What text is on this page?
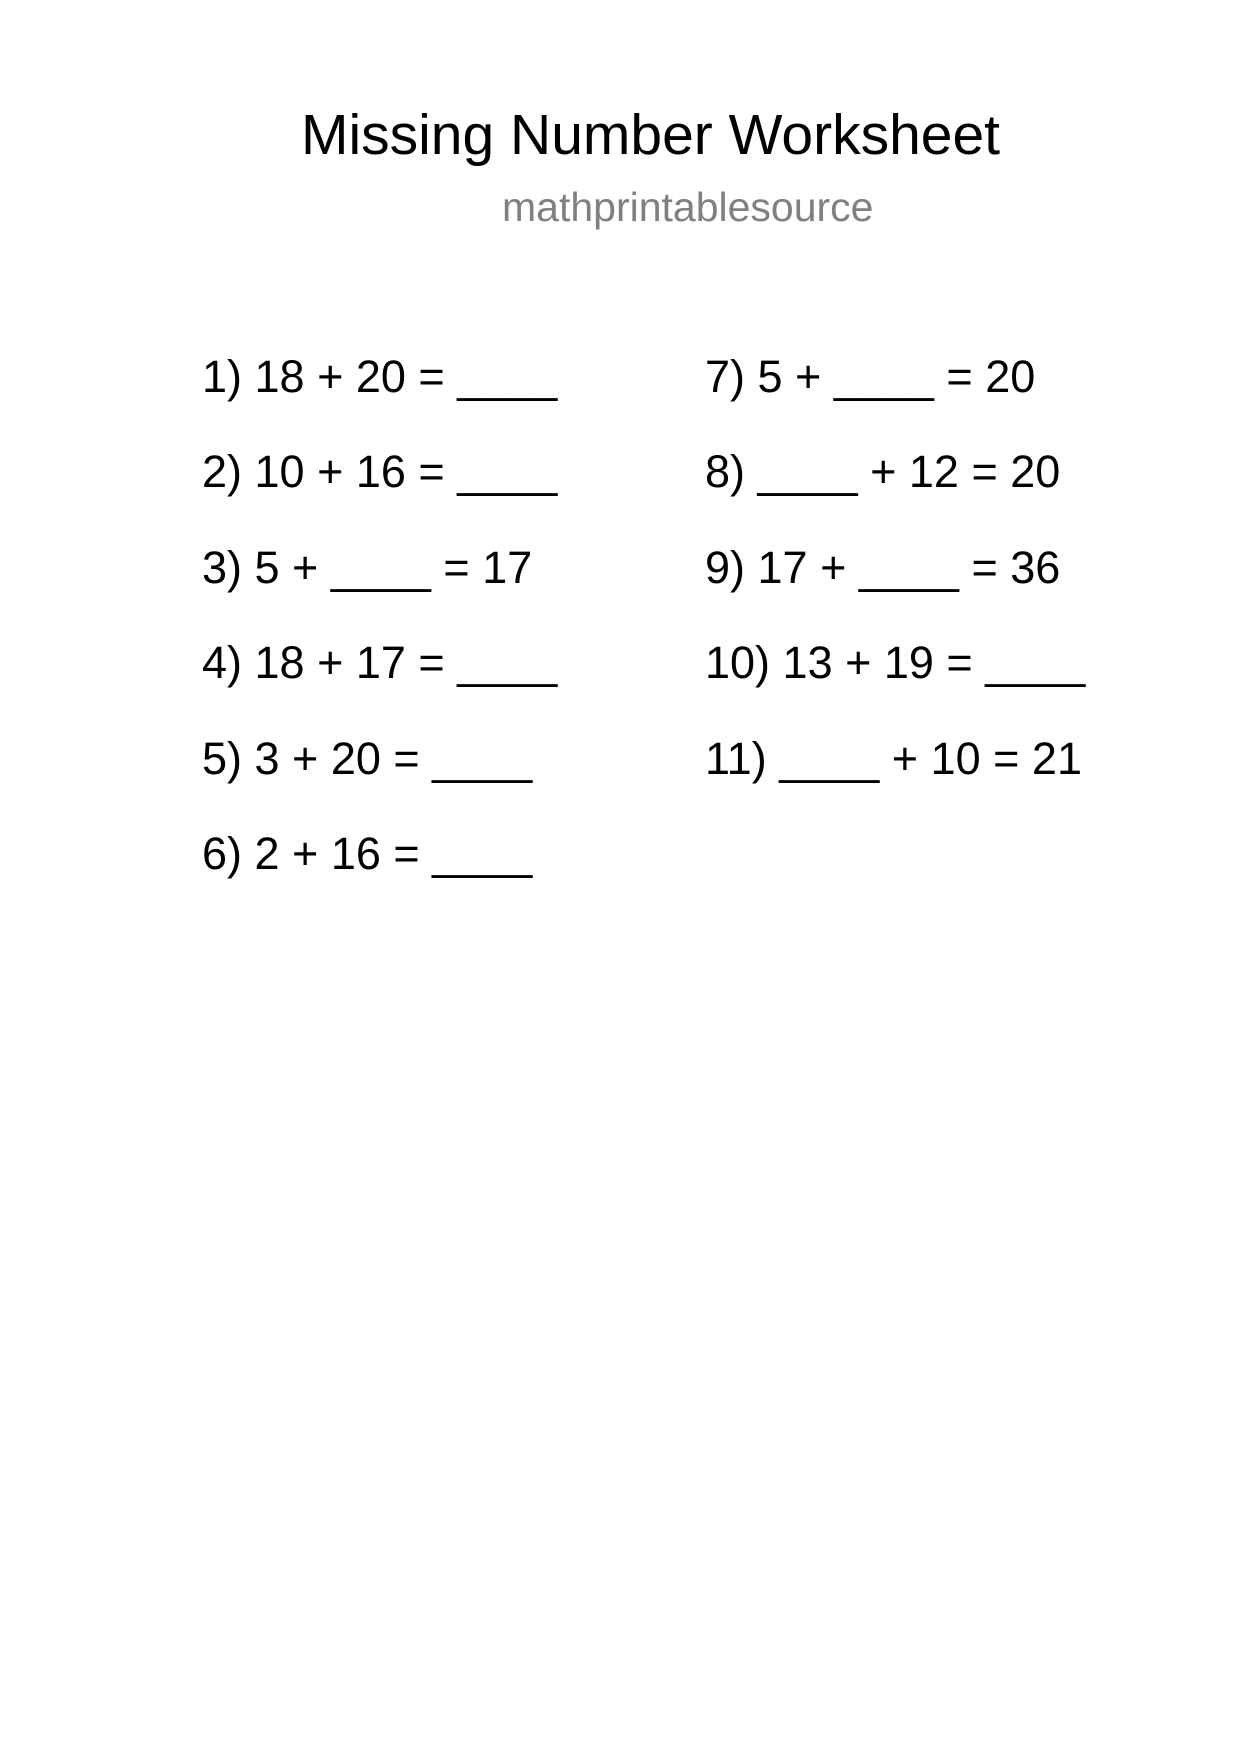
Missing Number Worksheet
mathprintablesource
1) 18 + 20 = ____
2) 10 + 16 = ____
3) 5 + ____ = 17
4) 18 + 17 = ____
5) 3 + 20 = ____
6) 2 + 16 = ____
7) 5 + ____ = 20
8) ____ + 12 = 20
9) 17 + ____ = 36
10) 13 + 19 = ____
11) ____ + 10 = 21
